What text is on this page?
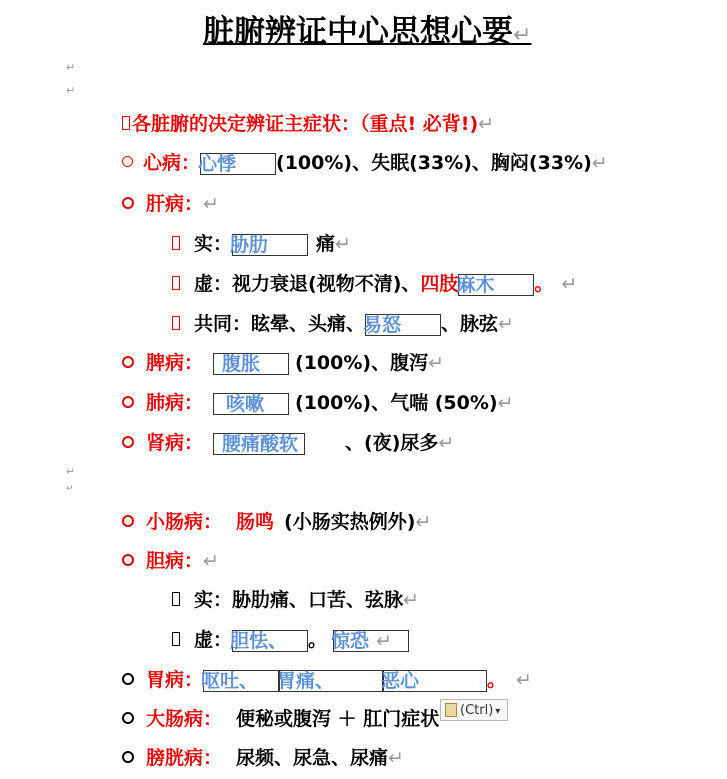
脏腑辨证中心思想心要↵
↵
↵
各脏腑的决定辨证主症状：（重点! 必背!)↵
心病：
心悸 (100%)、失眠(33%)、胸闷(33%)↵
肝病：↵
实：
胁肋	痛↵
虚：视力衰退(视物不清)、四肢
麻木 。 ↵
共同：眩晕、头痛、
易怒 、脉弦↵
脾病： 腹胀 (100%)、腹泻↵
肺病： 咳嗽 (100%)、气喘 (50%)↵
肾病： 腰痛酸软 、(夜)尿多↵
↵
↵
小肠病： 肠鸣 (小肠实热例外)↵
胆病：↵
实：胁肋痛、口苦、弦脉↵
虚：
胆怯、 。 惊恐 ↵
胃病：
呕吐、 胃痛、 恶心	。 ↵
大肠病： 便秘或腹泻 ＋ 肛门症状
膀胱病： 尿频、尿急、尿痛↵
(Ctrl) ▾
